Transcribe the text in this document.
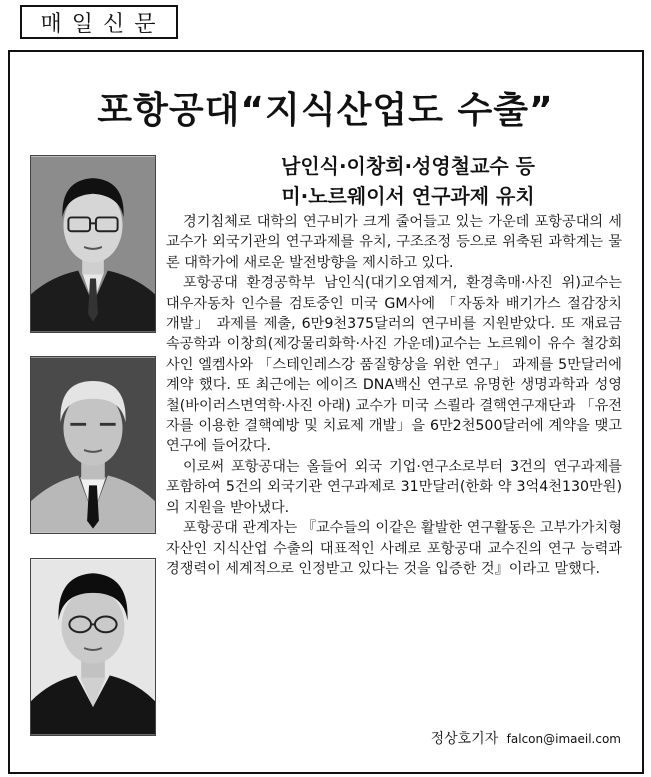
매일신문
포항공대“지식산업도 수출”
남인식·이창희·성영철교수 등
미·노르웨이서 연구과제 유치

경기침체로 대학의 연구비가 크게 줄어들고 있는 가운데 포항공대의 세교수가 외국기관의 연구과제를 유치, 구조조정 등으로 위축된 과학계는 물론 대학가에 새로운 발전방향을 제시하고 있다.

포항공대 환경공학부 남인식(대기오염제거, 환경촉매·사진 위)교수는 대우자동차 인수를 검토중인 미국 GM사에 「자동차 배기가스 절감장치 개발」 과제를 제출, 6만9천375달러의 연구비를 지원받았다. 또 재료금속공학과 이창희(제강물리화학·사진 가운데)교수는 노르웨이 유수 철강회사인 엘켐사와 「스테인레스강 품질향상을 위한 연구」 과제를 5만달러에 계약 했다. 또 최근에는 에이즈 DNA백신 연구로 유명한 생명과학과 성영철(바이러스면역학·사진 아래) 교수가 미국 스쾰라 결핵연구재단과 「유전자를 이용한 결핵예방 및 치료제 개발」을 6만2천500달러에 계약을 맺고 연구에 들어갔다.

이로써 포항공대는 올들어 외국 기업·연구소로부터 3건의 연구과제를 포함하여 5건의 외국기관 연구과제로 31만달러(한화 약 3억4천130만원)의 지원을 받아냈다.

포항공대 관계자는 『교수들의 이같은 활발한 연구활동은 고부가가치형 자산인 지식산업 수출의 대표적인 사례로 포항공대 교수진의 연구 능력과 경쟁력이 세계적으로 인정받고 있다는 것을 입증한 것』이라고 말했다.

정상호기자 falcon@imaeil.com
